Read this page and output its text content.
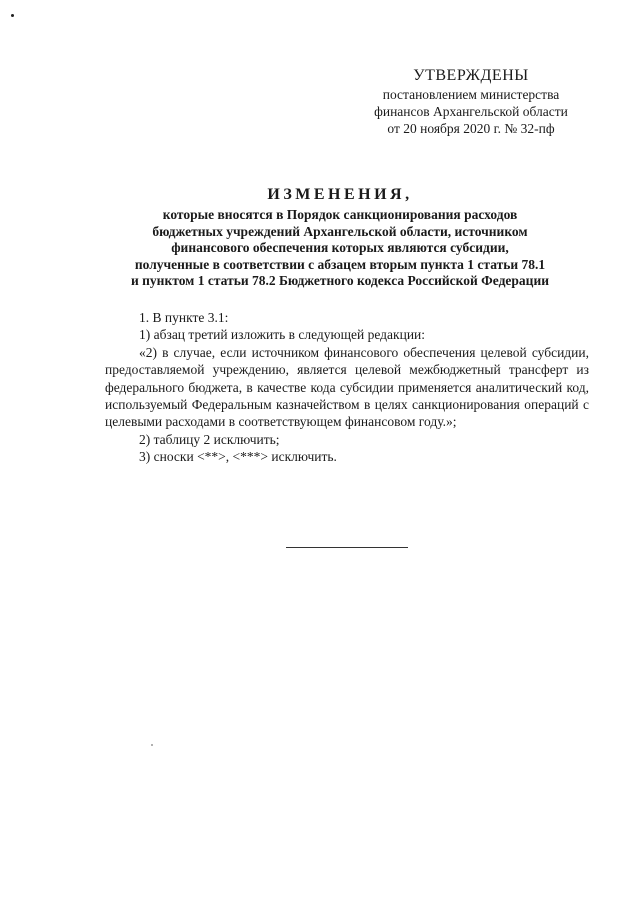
УТВЕРЖДЕНЫ
постановлением министерства
финансов Архангельской области
от 20 ноября 2020 г. № 32-пф
ИЗМЕНЕНИЯ,
которые вносятся в Порядок санкционирования расходов
бюджетных учреждений Архангельской области, источником
финансового обеспечения которых являются субсидии,
полученные в соответствии с абзацем вторым пункта 1 статьи 78.1
и пунктом 1 статьи 78.2 Бюджетного кодекса Российской Федерации

1. В пункте 3.1:

1) абзац третий изложить в следующей редакции:

«2) в случае, если источником финансового обеспечения целевой субсидии, предоставляемой учреждению, является целевой межбюджетный трансферт из федерального бюджета, в качестве кода субсидии применяется аналитический код, используемый Федеральным казначейством в целях санкционирования операций с целевыми расходами в соответствующем финансовом году.»;

2) таблицу 2 исключить;

3) сноски <**>, <***> исключить.
